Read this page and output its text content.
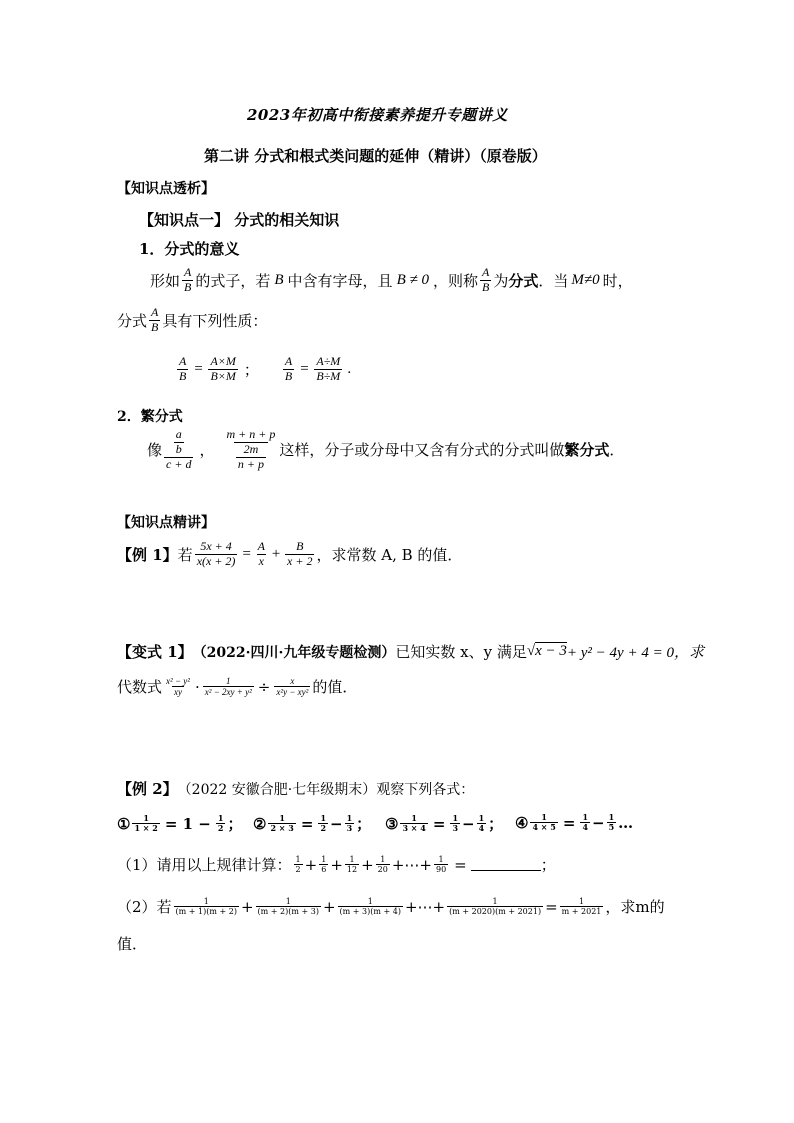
2023年初高中衔接素养提升专题讲义
第二讲 分式和根式类问题的延伸（精讲）（原卷版）
【知识点透析】
【知识点一】 分式的相关知识
1．分式的意义
形如 $\frac{A}{B}$ 的式子，若 B 中含有字母，且 B ≠ 0 ，则称 $\frac{A}{B}$ 为 分式 ．当 M≠0 时，
分式 $\frac{A}{B}$ 具有下列性质：
$\frac{A}{B} = \frac{A\times M}{B\times M}$ ； $\frac{A}{B} = \frac{A\div M}{B\div M}$ .
2．繁分式
像 $\frac{\frac{a}{b}}{c + d}$ ， $\frac{m + n + p}{\frac{2m}{n + p}}$ 这样，分子或分母中又含有分式的分式叫做 繁分式 ．
【知识点精讲】
【例 1】 若 $\frac{5x + 4}{x(x + 2)} = \frac{A}{x} + \frac{B}{x + 2}$ ，求常数 A, B 的值．
【变式 1】 （2022·四川·九年级专题检测） 已知实数 x、y 满足 √x − 3 + y² − 4y + 4 = 0，求
代数式 $\frac{\text{x² − y²}}{xy} \cdot \frac{1}{\text{x² − 2xy + y²}} \div \frac{x}{\text{x²y − xy²}}$ 的值．
【例 2】 （2022 安徽合肥·七年级期末）观察下列各式：
① $\frac{1}{1 \times 2} = 1 - \frac{1}{2}$ ； ② $\frac{1}{2 \times 3} = \frac{1}{2} - \frac{1}{3}$ ； ③ $\frac{1}{3 \times 4} = \frac{1}{3} - \frac{1}{4}$ ； ④ $\frac{1}{4 \times 5} = \frac{1}{4} - \frac{1}{5}$ …
（1）请用以上规律计算： $\frac{1}{2} + \frac{1}{6} + \frac{1}{12} + \frac{1}{20}$ +⋯+ $\frac{1}{90}$ =	；
（2）若 $\frac{1}{(m + 1)(m + 2)} + \frac{1}{(m + 2)(m + 3)} + \frac{1}{(m + 3)(m + 4)}$ +⋯+ $\frac{1}{(m + 2020)(m + 2021)} = \frac{1}{m + 2021}$ ，求m的
值．
